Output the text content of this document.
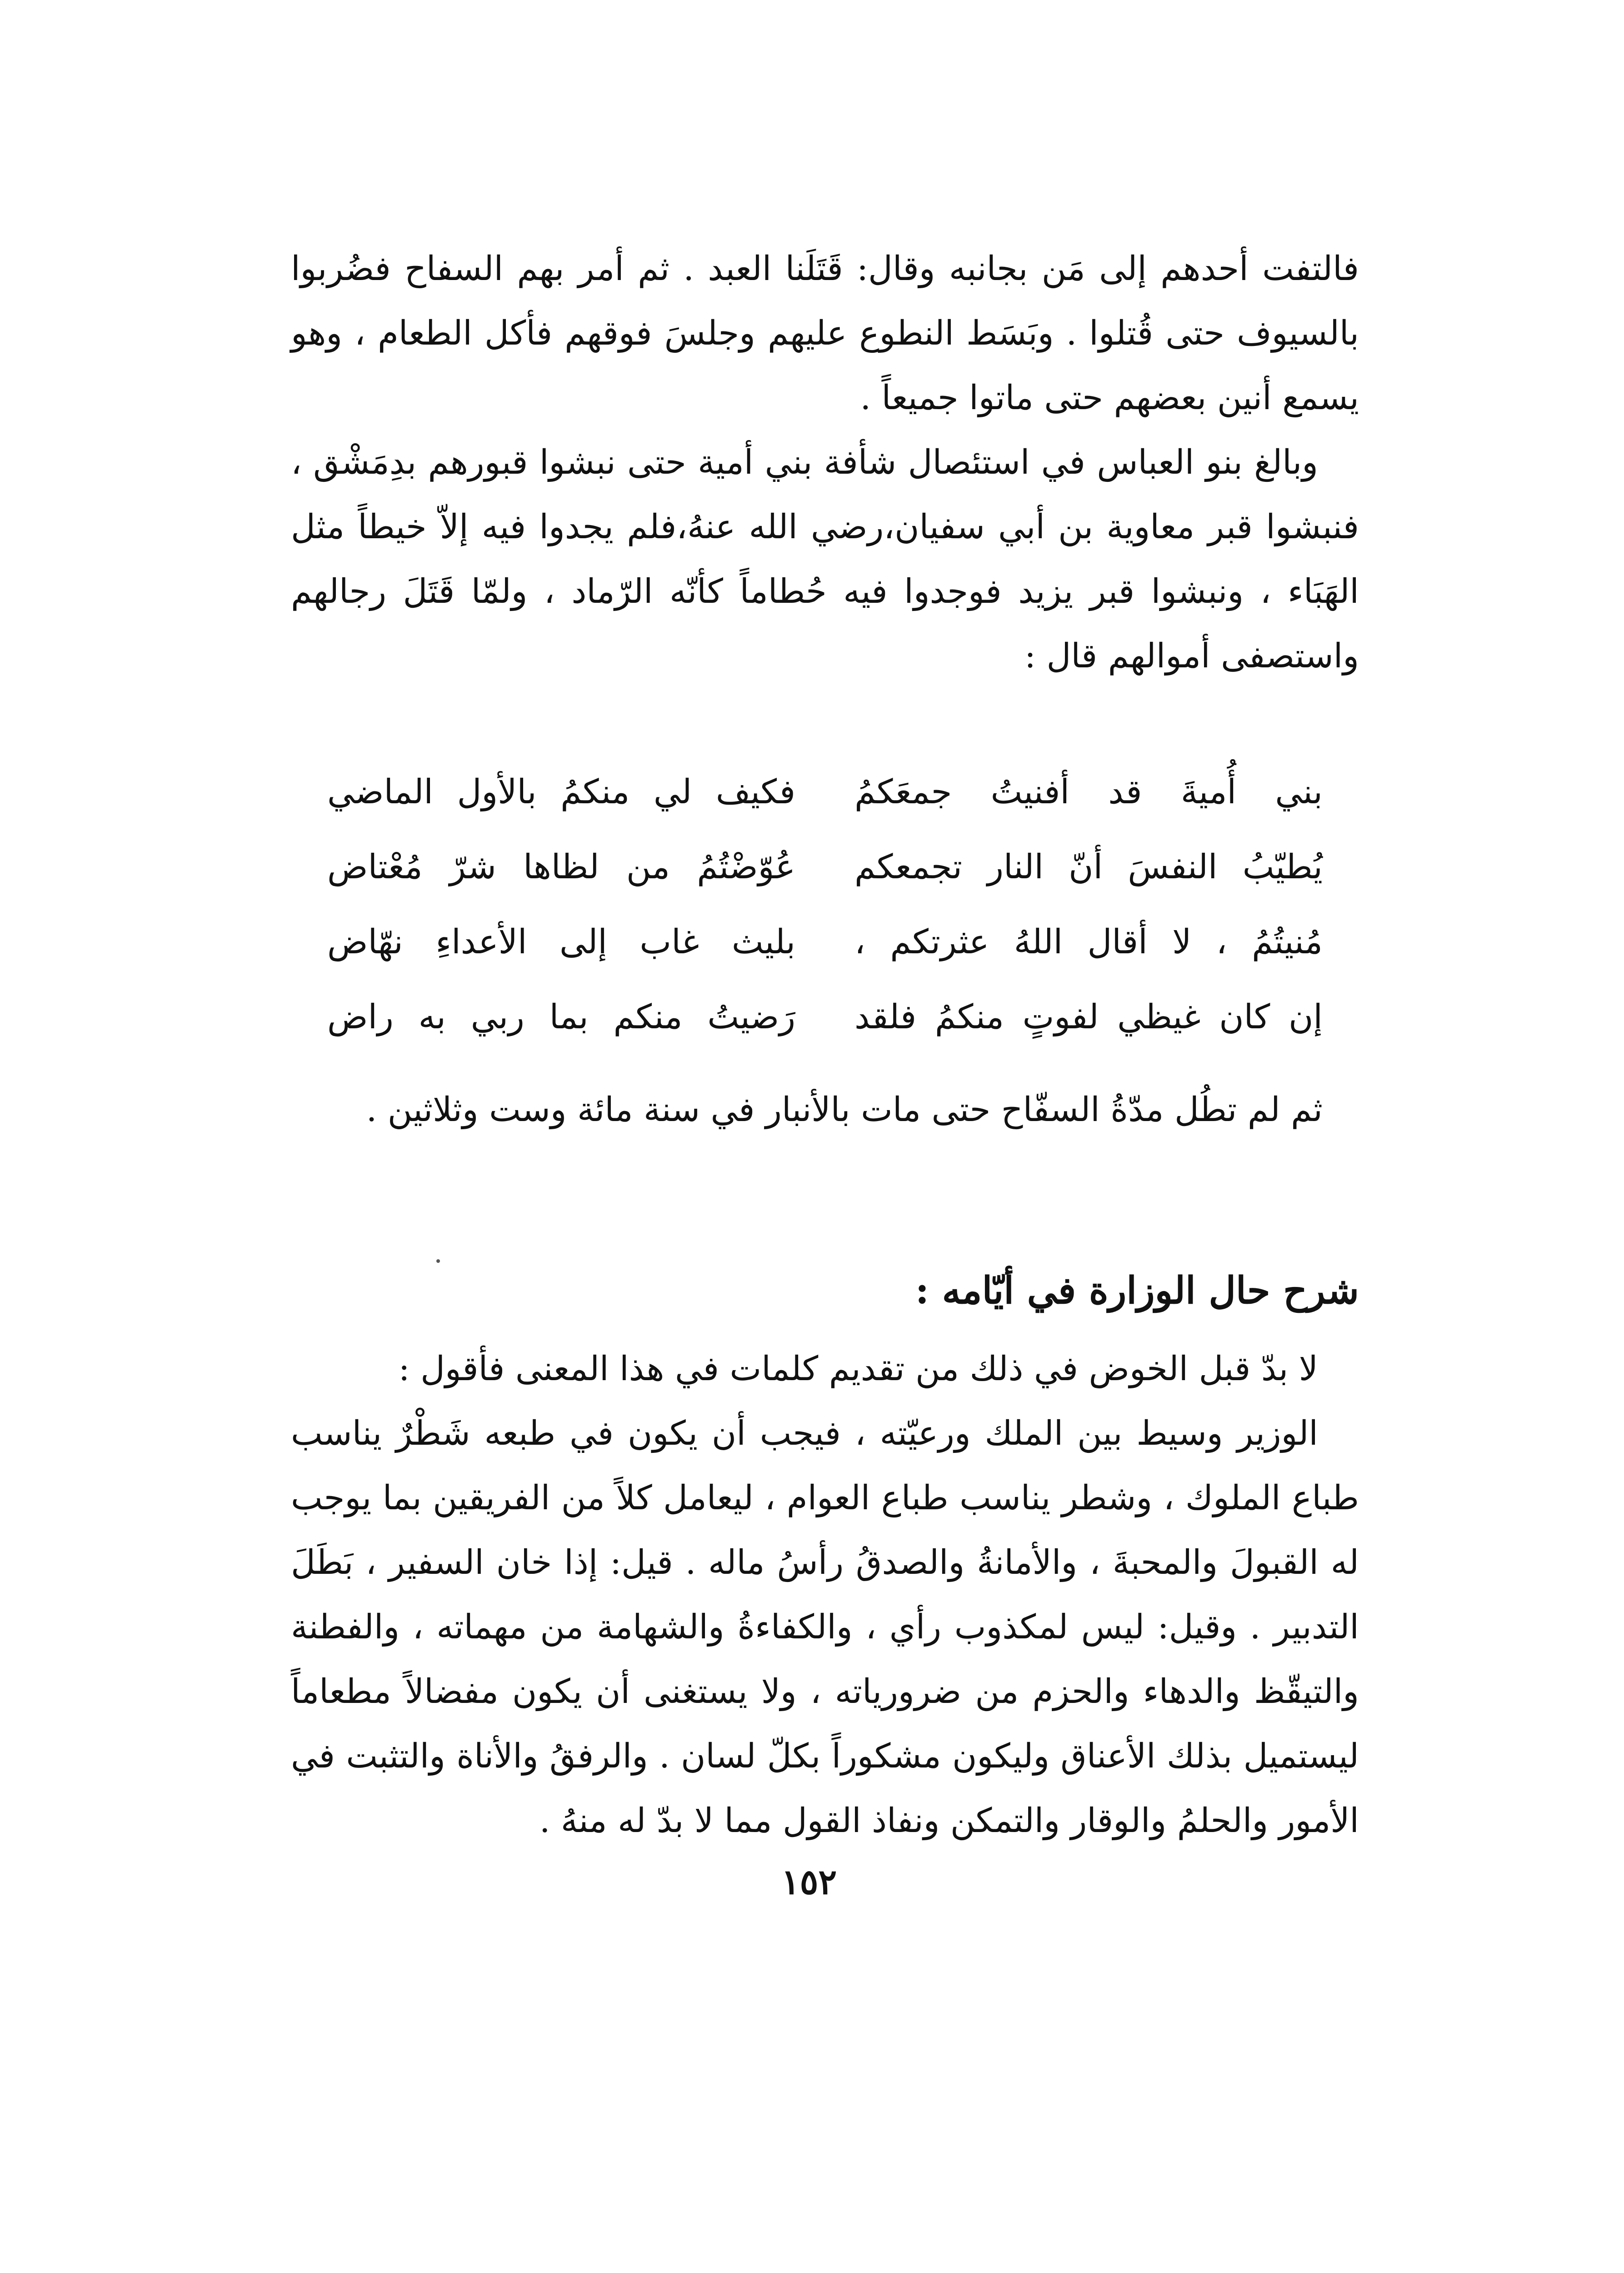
فالتفت أحدهم إلى مَن بجانبه وقال: قَتَلَنا العبد . ثم أمر بهم السفاح فضُربوا بالسيوف حتى قُتلوا . وبَسَط النطوع عليهم وجلسَ فوقهم فأكل الطعام ، وهو يسمع أنين بعضهم حتى ماتوا جميعاً .

وبالغ بنو العباس في استئصال شأفة بني أمية حتى نبشوا قبورهم بدِمَشْق ، فنبشوا قبر معاوية بن أبي سفيان،رضي الله عنهُ،فلم يجدوا فيه إلاّ خيطاً مثل الهَبَاء ، ونبشوا قبر يزيد فوجدوا فيه حُطاماً كأنّه الرّماد ، ولمّا قَتَلَ رجالهم واستصفى أموالهم قال :

بني أُميةَ قد أفنيتُ جمعَكمُ
فكيف لي منكمُ بالأول الماضي
يُطيّبُ النفسَ أنّ النار تجمعكم
عُوّضْتُمُ من لظاها شرّ مُعْتاض
مُنيتُمُ ، لا أقال اللهُ عثرتكم ،
بليث غاب إلى الأعداءِ نهّاض
إن كان غيظي لفوتٍ منكمُ فلقد
رَضيتُ منكم بما ربي به راض

ثم لم تطُل مدّةُ السفّاح حتى مات بالأنبار في سنة مائة وست وثلاثين .

شرح حال الوزارة في أيّامه :

لا بدّ قبل الخوض في ذلك من تقديم كلمات في هذا المعنى فأقول :

الوزير وسيط بين الملك ورعيّته ، فيجب أن يكون في طبعه شَطْرٌ يناسب طباع الملوك ، وشطر يناسب طباع العوام ، ليعامل كلاً من الفريقين بما يوجب له القبولَ والمحبةَ ، والأمانةُ والصدقُ رأسُ ماله . قيل: إذا خان السفير ، بَطَلَ التدبير . وقيل: ليس لمكذوب رأي ، والكفاءةُ والشهامة من مهماته ، والفطنة والتيقّظ والدهاء والحزم من ضرورياته ، ولا يستغنى أن يكون مفضالاً مطعاماً ليستميل بذلك الأعناق وليكون مشكوراً بكلّ لسان . والرفقُ والأناة والتثبت في الأمور والحلمُ والوقار والتمكن ونفاذ القول مما لا بدّ له منهُ .

١٥٢
